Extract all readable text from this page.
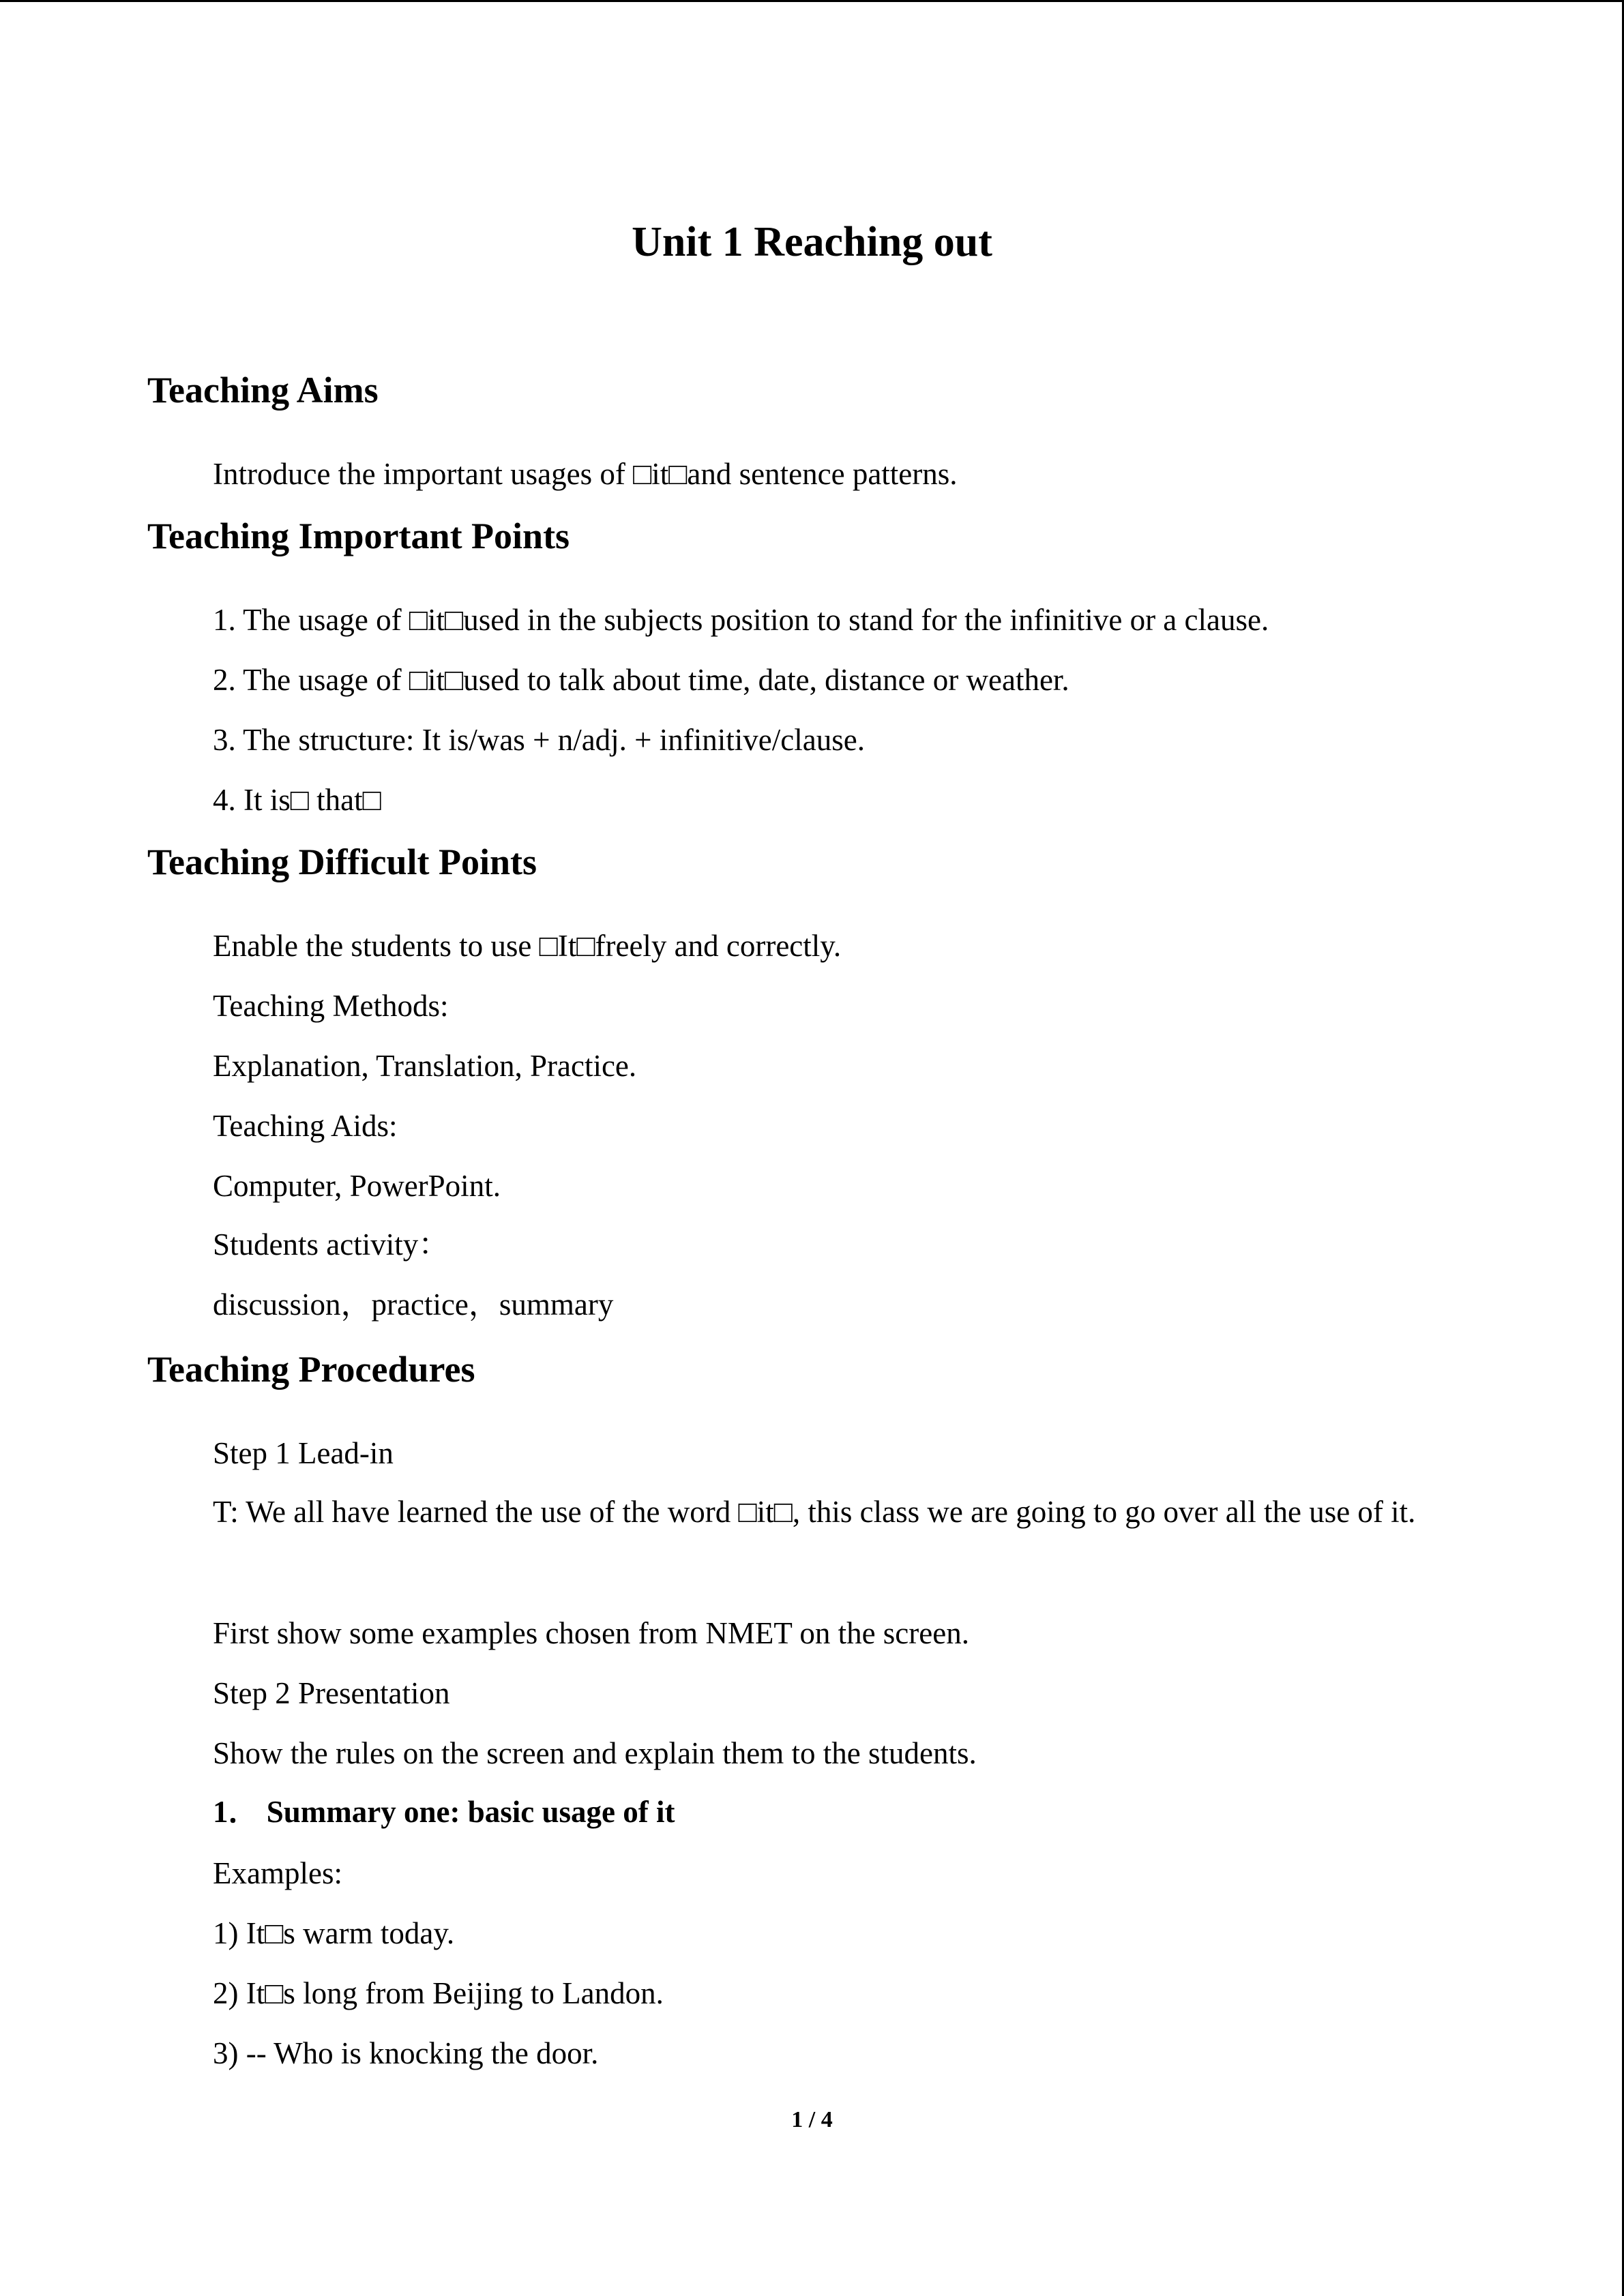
Unit 1 Reaching out
Teaching Aims

Introduce the important usages of □it□and sentence patterns.

Teaching Important Points

1. The usage of □it□used in the subjects position to stand for the infinitive or a clause.

2. The usage of □it□used to talk about time, date, distance or weather.

3. The structure: It is/was + n/adj. + infinitive/clause.

4. It is□ that□

Teaching Difficult Points

Enable the students to use □It□freely and correctly.

Teaching Methods:

Explanation, Translation, Practice.

Teaching Aids:

Computer, PowerPoint.

Students activity：

discussion，practice，summary

Teaching Procedures

Step 1 Lead-in

T: We all have learned the use of the word □it□, this class we are going to go over all the use of it.

First show some examples chosen from NMET on the screen.

Step 2 Presentation

Show the rules on the screen and explain them to the students.

1． Summary one: basic usage of it

Examples:

1) It□s warm today.

2) It□s long from Beijing to Landon.

3) -- Who is knocking the door.

1 / 4
